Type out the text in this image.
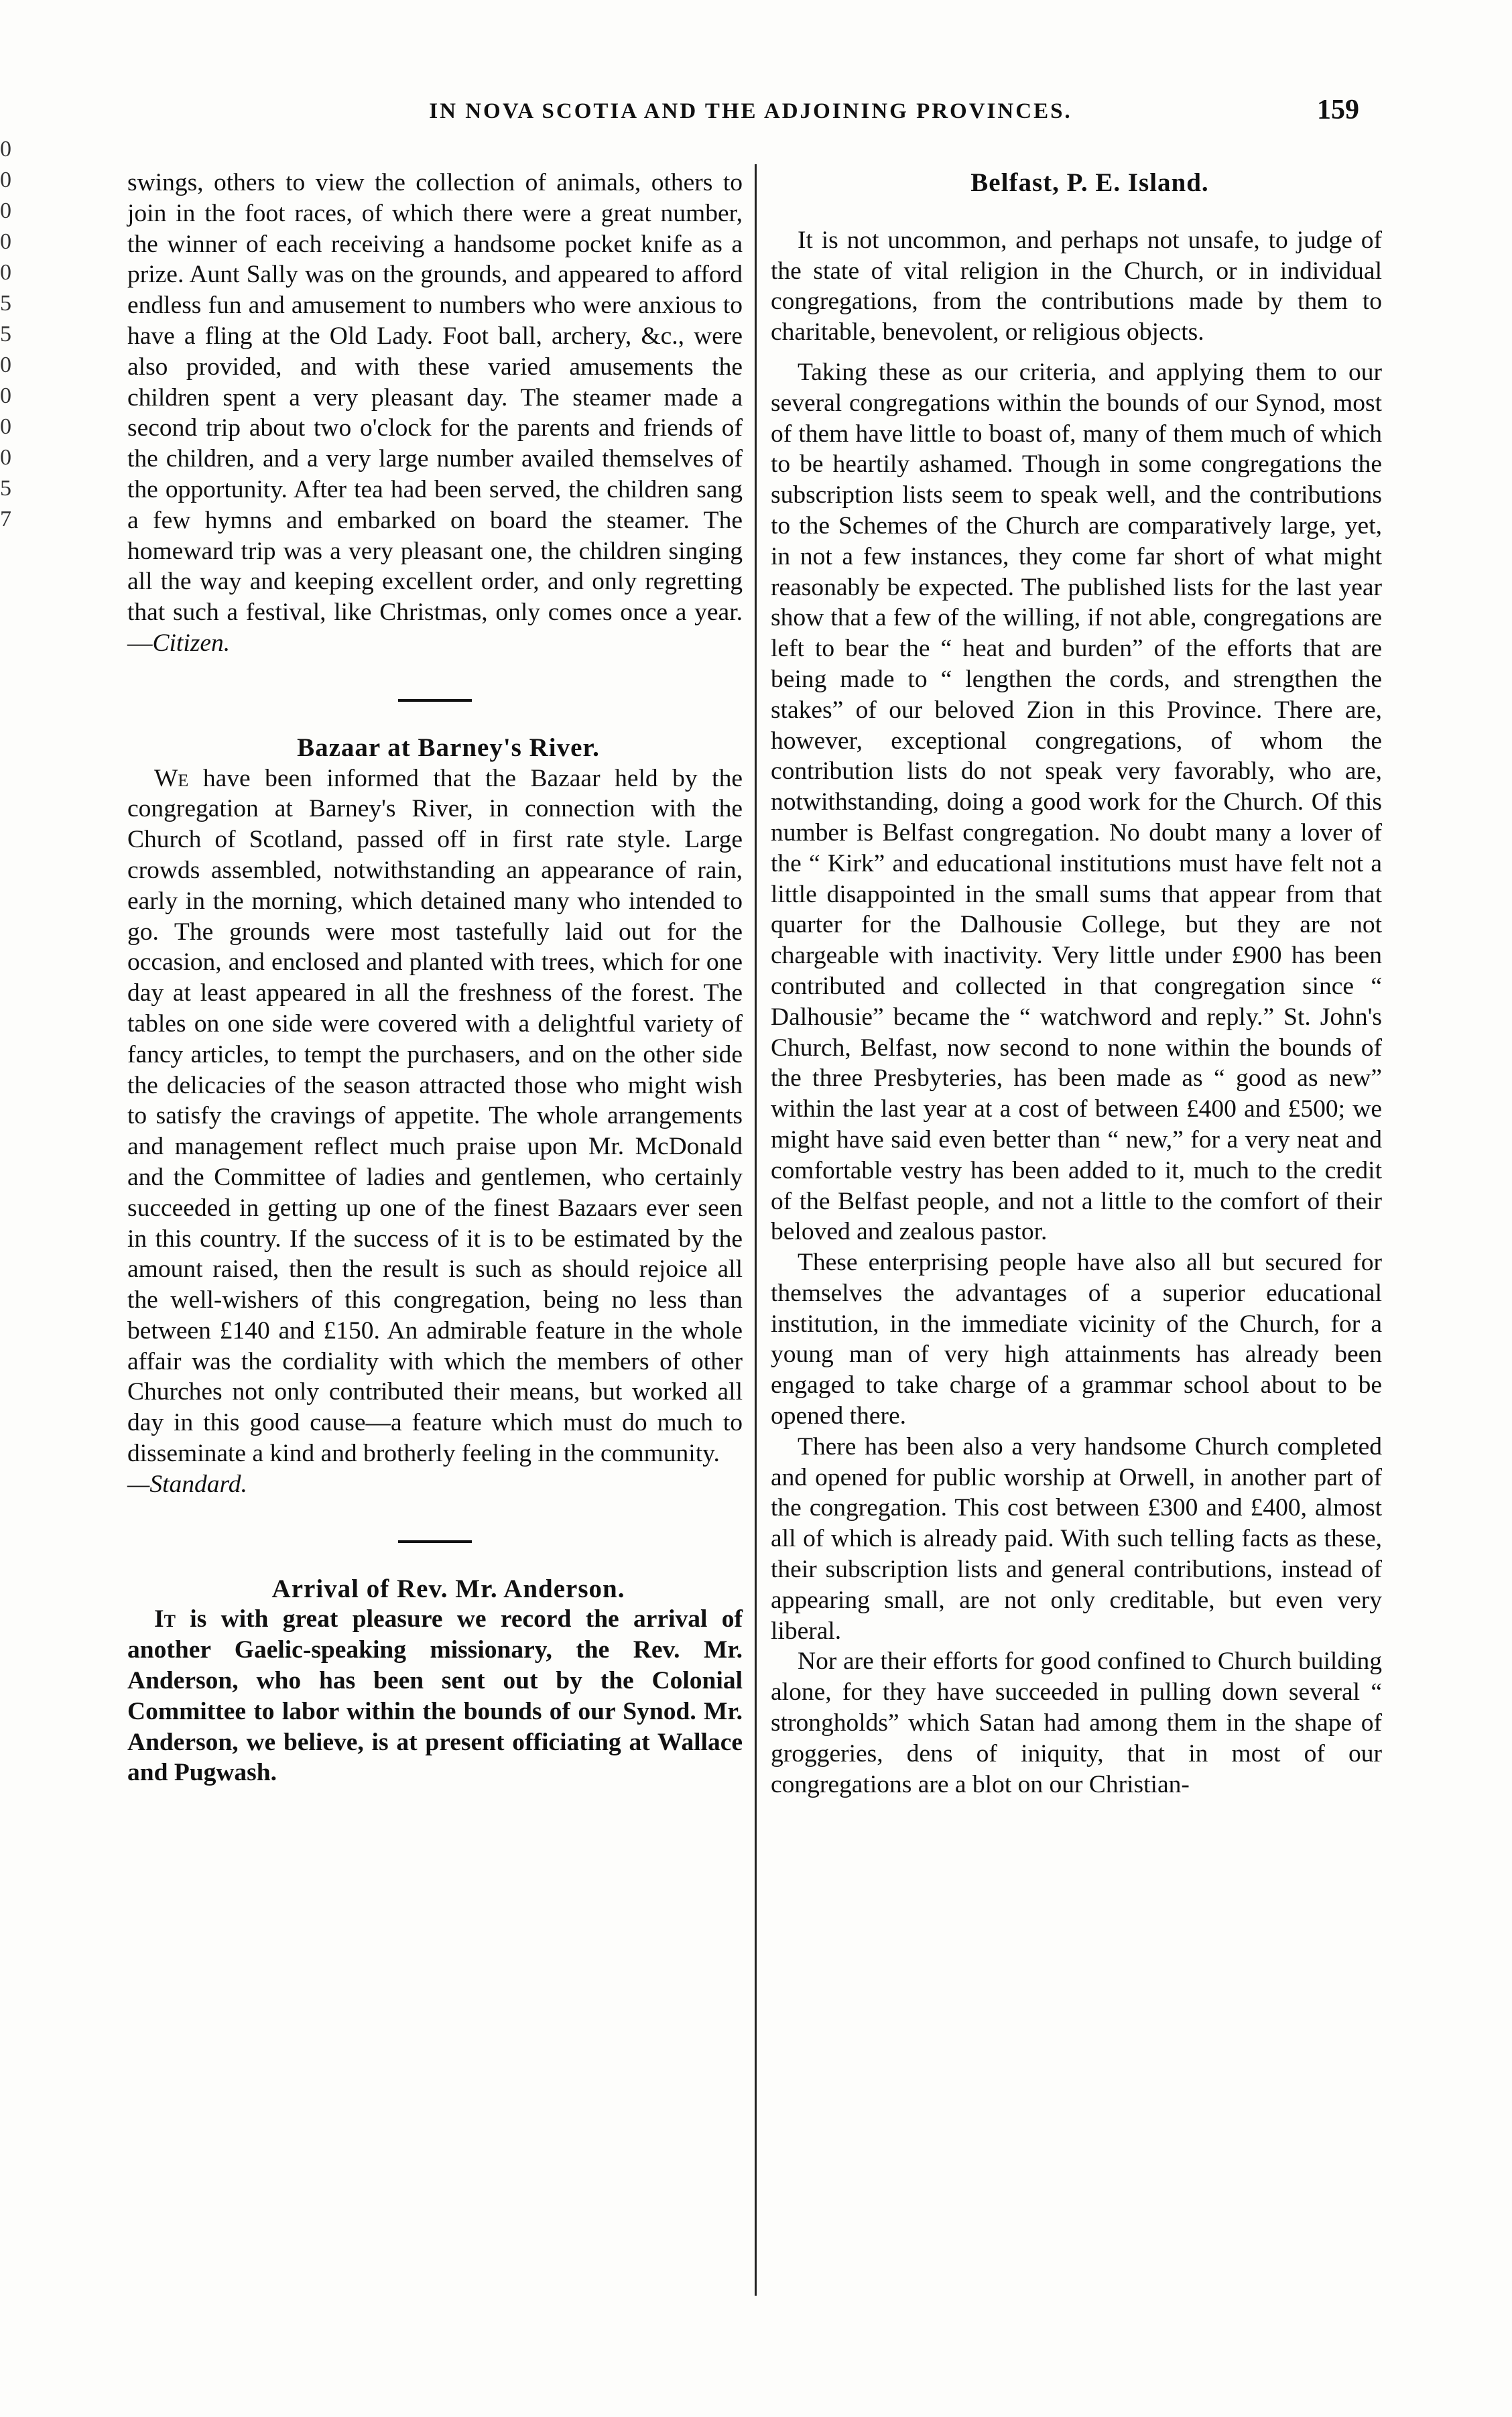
0
0
0
0
0
5
5
0
0
0
0
5
7
IN NOVA SCOTIA AND THE ADJOINING PROVINCES.	159

swings, others to view the collection of animals, others to join in the foot races, of which there were a great number, the winner of each receiving a handsome pocket knife as a prize. Aunt Sally was on the grounds, and appeared to afford endless fun and amusement to numbers who were anxious to have a fling at the Old Lady. Foot ball, archery, &c., were also provided, and with these varied amusements the children spent a very pleasant day. The steamer made a second trip about two o'clock for the parents and friends of the children, and a very large number availed themselves of the opportunity. After tea had been served, the children sang a few hymns and embarked on board the steamer. The homeward trip was a very pleasant one, the children singing all the way and keeping excellent order, and only regretting that such a festival, like Christmas, only comes once a year.—Citizen.

Bazaar at Barney's River.

We have been informed that the Bazaar held by the congregation at Barney's River, in connection with the Church of Scotland, passed off in first rate style. Large crowds assembled, notwithstanding an appearance of rain, early in the morning, which detained many who intended to go. The grounds were most tastefully laid out for the occasion, and enclosed and planted with trees, which for one day at least appeared in all the freshness of the forest. The tables on one side were covered with a delightful variety of fancy articles, to tempt the purchasers, and on the other side the delicacies of the season attracted those who might wish to satisfy the cravings of appetite. The whole arrangements and management reflect much praise upon Mr. McDonald and the Committee of ladies and gentlemen, who certainly succeeded in getting up one of the finest Bazaars ever seen in this country. If the success of it is to be estimated by the amount raised, then the result is such as should rejoice all the well-wishers of this congregation, being no less than between £140 and £150. An admirable feature in the whole affair was the cordiality with which the members of other Churches not only contributed their means, but worked all day in this good cause—a feature which must do much to disseminate a kind and brotherly feeling in the community.
—Standard.

Arrival of Rev. Mr. Anderson.

It is with great pleasure we record the arrival of another Gaelic-speaking missionary, the Rev. Mr. Anderson, who has been sent out by the Colonial Committee to labor within the bounds of our Synod. Mr. Anderson, we believe, is at present officiating at Wallace and Pugwash.

Belfast, P. E. Island.

It is not uncommon, and perhaps not unsafe, to judge of the state of vital religion in the Church, or in individual congregations, from the contributions made by them to charitable, benevolent, or religious objects.

Taking these as our criteria, and applying them to our several congregations within the bounds of our Synod, most of them have little to boast of, many of them much of which to be heartily ashamed. Though in some congregations the subscription lists seem to speak well, and the contributions to the Schemes of the Church are comparatively large, yet, in not a few instances, they come far short of what might reasonably be expected. The published lists for the last year show that a few of the willing, if not able, congregations are left to bear the “ heat and burden” of the efforts that are being made to “ lengthen the cords, and strengthen the stakes” of our beloved Zion in this Province. There are, however, exceptional congregations, of whom the contribution lists do not speak very favorably, who are, notwithstanding, doing a good work for the Church. Of this number is Belfast congregation. No doubt many a lover of the “ Kirk” and educational institutions must have felt not a little disappointed in the small sums that appear from that quarter for the Dalhousie College, but they are not chargeable with inactivity. Very little under £900 has been contributed and collected in that congregation since “ Dalhousie” became the “ watchword and reply.” St. John's Church, Belfast, now second to none within the bounds of the three Presbyteries, has been made as “ good as new” within the last year at a cost of between £400 and £500; we might have said even better than “ new,” for a very neat and comfortable vestry has been added to it, much to the credit of the Belfast people, and not a little to the comfort of their beloved and zealous pastor.

These enterprising people have also all but secured for themselves the advantages of a superior educational institution, in the immediate vicinity of the Church, for a young man of very high attainments has already been engaged to take charge of a grammar school about to be opened there.

There has been also a very handsome Church completed and opened for public worship at Orwell, in another part of the congregation. This cost between £300 and £400, almost all of which is already paid. With such telling facts as these, their subscription lists and general contributions, instead of appearing small, are not only creditable, but even very liberal.

Nor are their efforts for good confined to Church building alone, for they have succeeded in pulling down several “ strongholds” which Satan had among them in the shape of groggeries, dens of iniquity, that in most of our congregations are a blot on our Christian-
